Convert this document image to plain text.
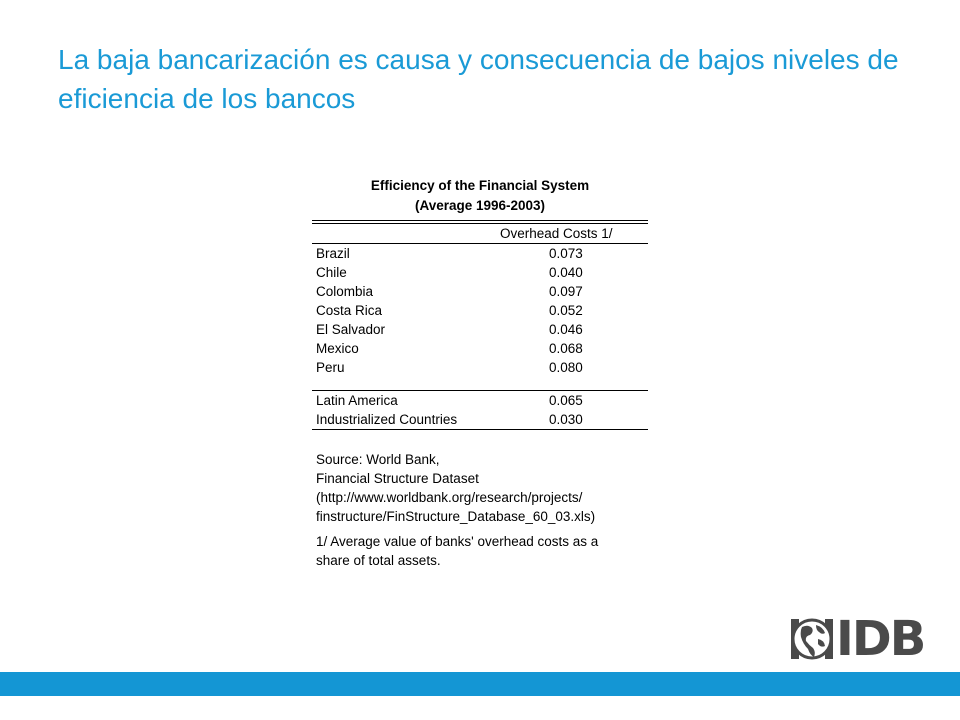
La baja bancarización es causa y consecuencia de bajos niveles de eficiencia de los bancos
Efficiency of the Financial System
(Average 1996-2003)
Overhead Costs 1/
Brazil	0.073
Chile	0.040
Colombia	0.097
Costa Rica	0.052
El Salvador	0.046
Mexico	0.068
Peru	0.080
Latin America	0.065
Industrialized Countries	0.030
Source: World Bank,
Financial Structure Dataset
(http://www.worldbank.org/research/projects/
finstructure/FinStructure_Database_60_03.xls)
1/ Average value of banks' overhead costs as a
share of total assets.
IDB
